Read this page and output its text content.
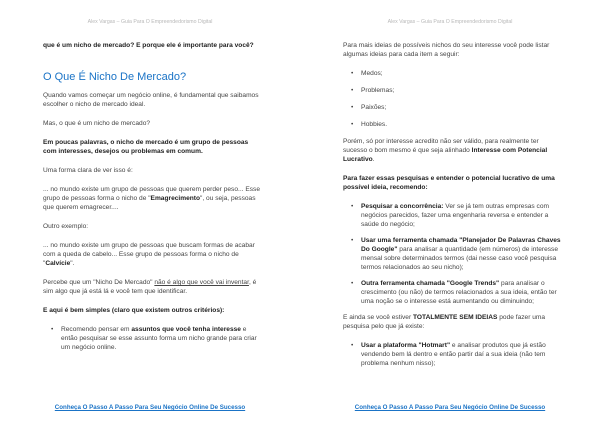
Alex Vargas – Guia Para O Empreendedorismo Digital

que é um nicho de mercado? E porque ele é importante para você?

O Que É Nicho De Mercado?

Quando vamos começar um negócio online, é fundamental que saibamos escolher o nicho de mercado ideal.

Mas, o que é um nicho de mercado?

Em poucas palavras, o nicho de mercado é um grupo de pessoas com interesses, desejos ou problemas em comum.

Uma forma clara de ver isso é:

... no mundo existe um grupo de pessoas que querem perder peso... Esse grupo de pessoas forma o nicho de "Emagrecimento", ou seja, pessoas que querem emagrecer....

Outro exemplo:

... no mundo existe um grupo de pessoas que buscam formas de acabar com a queda de cabelo... Esse grupo de pessoas forma o nicho de "Calvície".

Percebe que um "Nicho De Mercado" não é algo que você vai inventar, é sim algo que já está lá e você tem que identificar.

E aqui é bem simples (claro que existem outros critérios):

• Recomendo pensar em assuntos que você tenha interesse e então pesquisar se esse assunto forma um nicho grande para criar um negócio online.
Conheça O Passo A Passo Para Seu Negócio Online De Sucesso
Alex Vargas – Guia Para O Empreendedorismo Digital

Para mais ideias de possíveis nichos do seu interesse você pode listar algumas ideias para cada item a seguir:

• Medos;
• Problemas;
• Paixões;
• Hobbies.

Porém, só por interesse acredito não ser válido, para realmente ter sucesso o bom mesmo é que seja alinhado Interesse com Potencial Lucrativo.

Para fazer essas pesquisas e entender o potencial lucrativo de uma possível ideia, recomendo:

• Pesquisar a concorrência: Ver se já tem outras empresas com negócios parecidos, fazer uma engenharia reversa e entender a saúde do negócio;
• Usar uma ferramenta chamada "Planejador De Palavras Chaves Do Google" para analisar a quantidade (em números) de interesse mensal sobre determinados termos (dai nesse caso você pesquisa termos relacionados ao seu nicho);
• Outra ferramenta chamada "Google Trends" para analisar o crescimento (ou não) de termos relacionados a sua ideia, então ter uma noção se o interesse está aumentando ou diminuindo;

E ainda se você estiver TOTALMENTE SEM IDEIAS pode fazer uma pesquisa pelo que já existe:

• Usar a plataforma "Hotmart" e analisar produtos que já estão vendendo bem lá dentro e então partir daí a sua ideia (não tem problema nenhum nisso);
Conheça O Passo A Passo Para Seu Negócio Online De Sucesso
